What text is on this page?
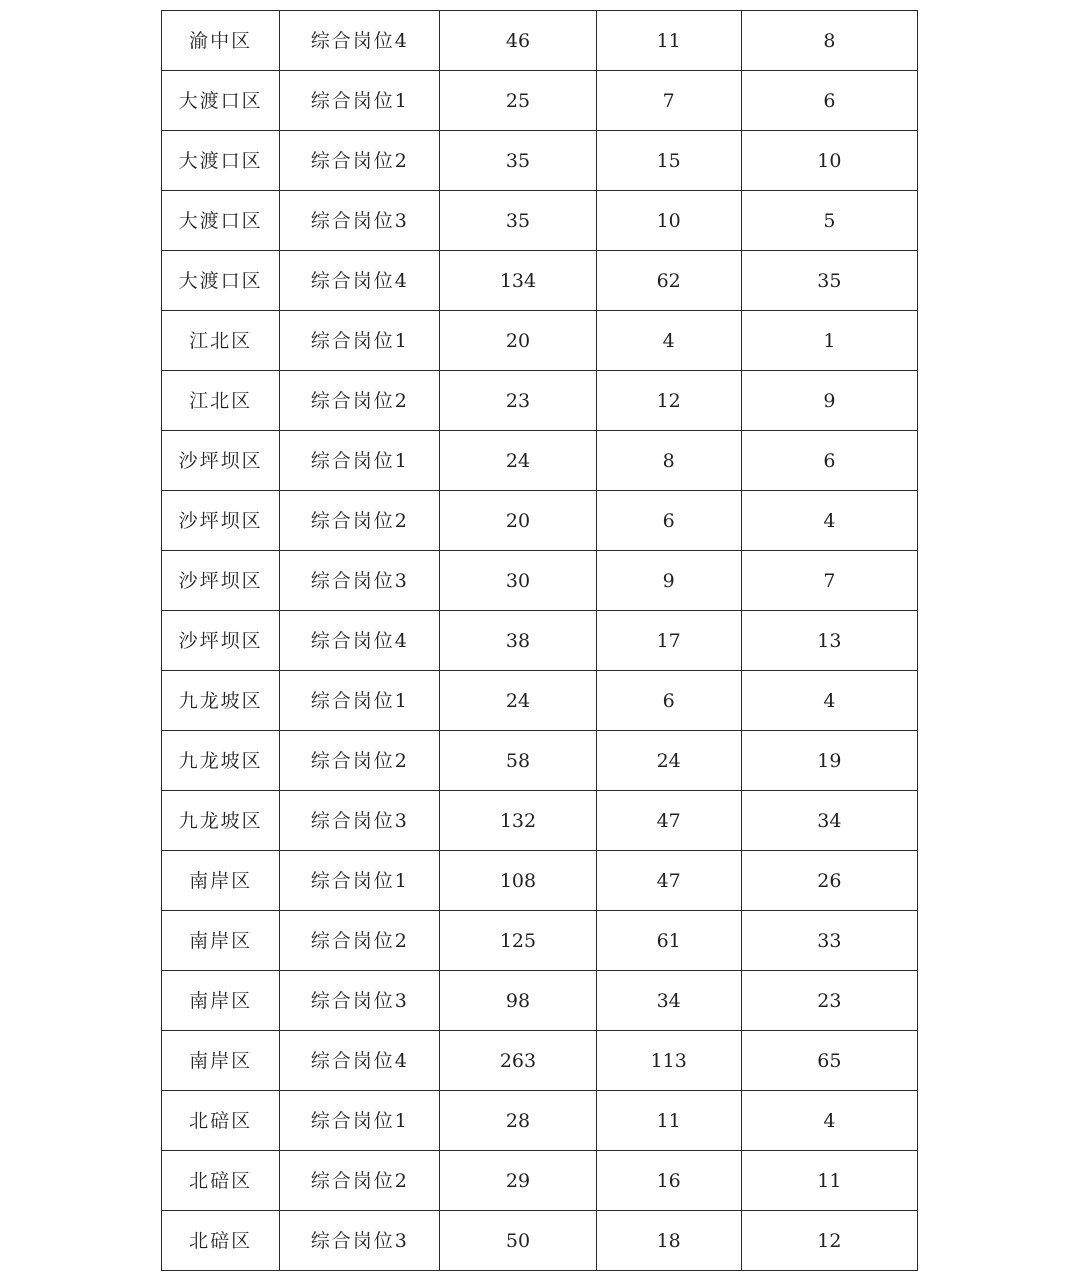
渝中区	综合岗位4	46	11	8
大渡口区	综合岗位1	25	7	6
大渡口区	综合岗位2	35	15	10
大渡口区	综合岗位3	35	10	5
大渡口区	综合岗位4	134	62	35
江北区	综合岗位1	20	4	1
江北区	综合岗位2	23	12	9
沙坪坝区	综合岗位1	24	8	6
沙坪坝区	综合岗位2	20	6	4
沙坪坝区	综合岗位3	30	9	7
沙坪坝区	综合岗位4	38	17	13
九龙坡区	综合岗位1	24	6	4
九龙坡区	综合岗位2	58	24	19
九龙坡区	综合岗位3	132	47	34
南岸区	综合岗位1	108	47	26
南岸区	综合岗位2	125	61	33
南岸区	综合岗位3	98	34	23
南岸区	综合岗位4	263	113	65
北碚区	综合岗位1	28	11	4
北碚区	综合岗位2	29	16	11
北碚区	综合岗位3	50	18	12
